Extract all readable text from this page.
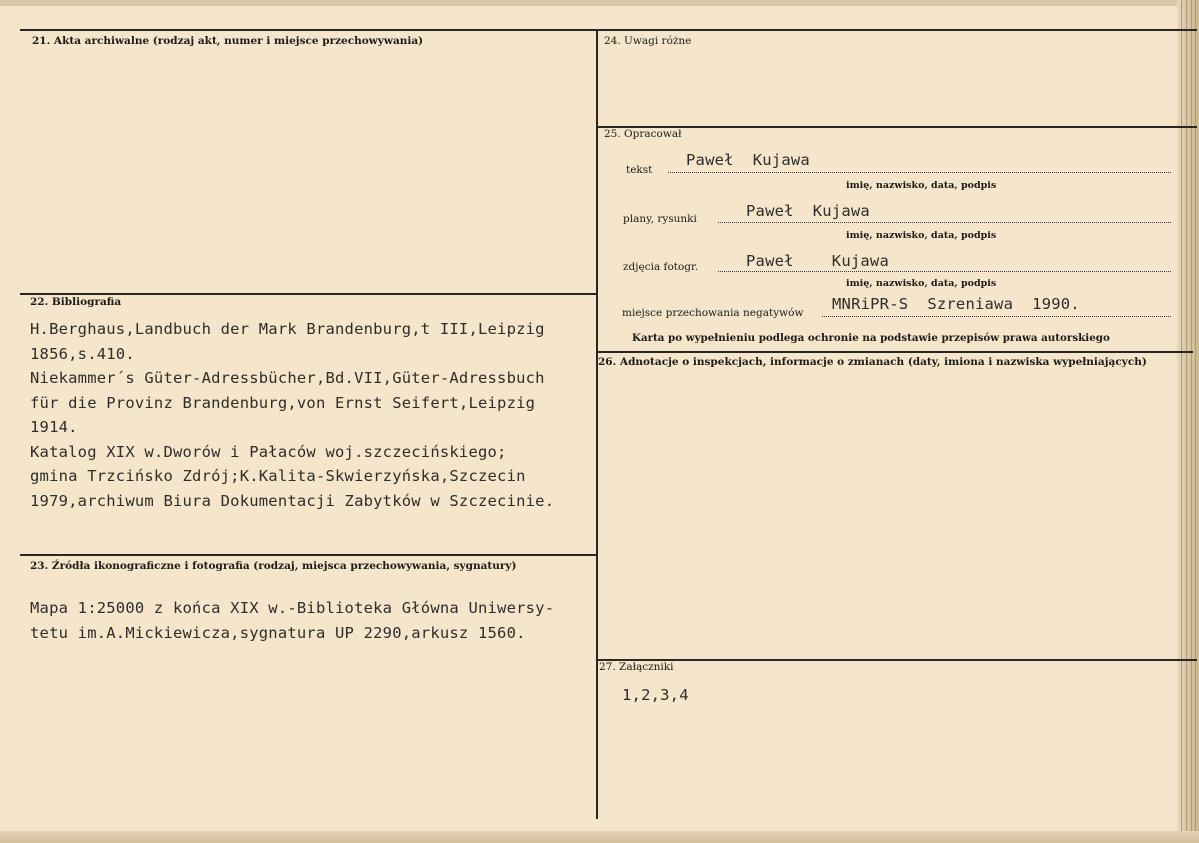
21. Akta archiwalne (rodzaj akt, numer i miejsce przechowywania)
22. Bibliografia
H.Berghaus,Landbuch der Mark Brandenburg,t III,Leipzig
1856,s.410.
Niekammer´s Güter-Adressbücher,Bd.VII,Güter-Adressbuch
für die Provinz Brandenburg,von Ernst Seifert,Leipzig
1914.
Katalog XIX w.Dworów i Pałaców woj.szczecińskiego;
gmina Trzcińsko Zdrój;K.Kalita-Skwierzyńska,Szczecin
1979,archiwum Biura Dokumentacji Zabytków w Szczecinie.
23. Źródła ikonograficzne i fotografia (rodzaj, miejsca przechowywania, sygnatury)
Mapa 1:25000 z końca XIX w.-Biblioteka Główna Uniwersy-
tetu im.A.Mickiewicza,sygnatura UP 2290,arkusz 1560.
24. Uwagi różne
25. Opracował
tekst
Paweł  Kujawa
imię, nazwisko, data, podpis
plany, rysunki	Paweł  Kujawa
imię, nazwisko, data, podpis
zdjęcia fotogr.	Paweł    Kujawa
imię, nazwisko, data, podpis
miejsce przechowania negatywów MNRiPR-S  Szreniawa  1990.
Karta po wypełnieniu podlega ochronie na podstawie przepisów prawa autorskiego
26. Adnotacje o inspekcjach, informacje o zmianach (daty, imiona i nazwiska wypełniających)
27. Załączniki
1,2,3,4
